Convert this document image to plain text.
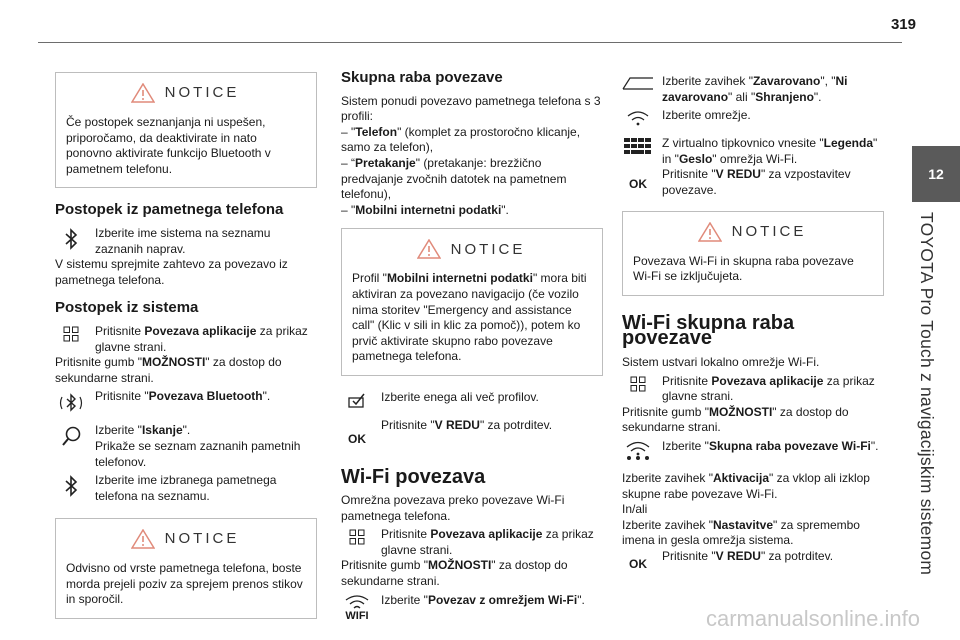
319
12
TOYOTA Pro Touch z navigacijskim sistemom
NOTICE

Če postopek seznanjanja ni uspešen, priporočamo, da deaktivirate in nato ponovno aktivirate funkcijo Bluetooth v pametnem telefonu.

Postopek iz pametnega telefona

Izberite ime sistema na seznamu zaznanih naprav.

V sistemu sprejmite zahtevo za povezavo iz pametnega telefona.

Postopek iz sistema

Pritisnite Povezava aplikacije za prikaz glavne strani.

Pritisnite gumb "MOŽNOSTI" za dostop do sekundarne strani.

Pritisnite "Povezava Bluetooth".

Izberite "Iskanje".
Prikaže se seznam zaznanih pametnih telefonov.

Izberite ime izbranega pametnega telefona na seznamu.

NOTICE

Odvisno od vrste pametnega telefona, boste morda prejeli poziv za sprejem prenos stikov in sporočil.

Skupna raba povezave

Sistem ponudi povezavo pametnega telefona s 3 profili:

– "Telefon" (komplet za prostoročno klicanje, samo za telefon),

– “Pretakanje" (pretakanje: brezžično predvajanje zvočnih datotek na pametnem telefonu),

– "Mobilni internetni podatki".

NOTICE

Profil "Mobilni internetni podatki" mora biti aktiviran za povezano navigacijo (če vozilo nima storitev "Emergency and assistance call" (Klic v sili in klic za pomoč)), potem ko prvič aktivirate skupno rabo povezave pametnega telefona.

Izberite enega ali več profilov.

OK

Pritisnite "V REDU" za potrditev.

Wi-Fi povezava

Omrežna povezava preko povezave Wi-Fi pametnega telefona.

Pritisnite Povezava aplikacije za prikaz glavne strani.

Pritisnite gumb "MOŽNOSTI" za dostop do sekundarne strani.

WIFI

Izberite "Povezav z omrežjem Wi-Fi".

Izberite zavihek "Zavarovano", "Ni zavarovano" ali "Shranjeno".

Izberite omrežje.

Z virtualno tipkovnico vnesite "Legenda" in "Geslo" omrežja Wi-Fi.

OK

Pritisnite "V REDU" za vzpostavitev povezave.

NOTICE

Povezava Wi-Fi in skupna raba povezave Wi-Fi se izključujeta.

Wi-Fi skupna raba povezave

Sistem ustvari lokalno omrežje Wi-Fi.

Pritisnite Povezava aplikacije za prikaz glavne strani.

Pritisnite gumb "MOŽNOSTI" za dostop do sekundarne strani.

Izberite "Skupna raba povezave Wi-Fi".

Izberite zavihek "Aktivacija" za vklop ali izklop skupne rabe povezave Wi-Fi.

In/ali

Izberite zavihek "Nastavitve" za spremembo imena in gesla omrežja sistema.

OK

Pritisnite "V REDU" za potrditev.

carmanualsonline.info
